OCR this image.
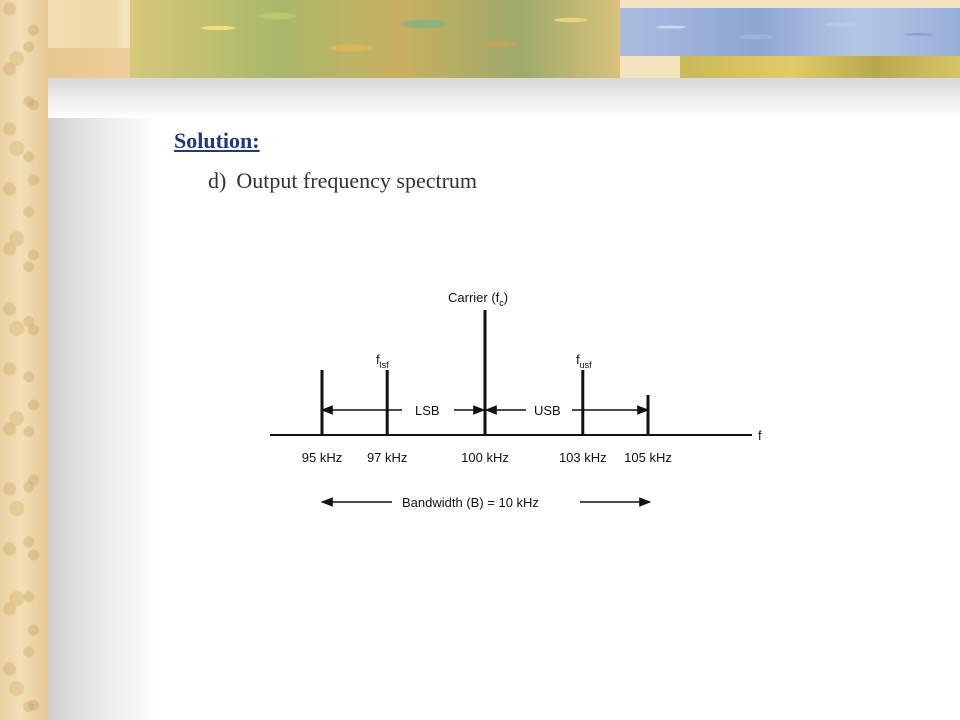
Solution:
d) Output frequency spectrum
f
95 kHz 97 kHz	100 kHz	103 kHz 105 kHz
Carrier $(f_c)$
$f_{lsf}$	$f_{usf}$
LSB	USB
Bandwidth (B) = 10 kHz
